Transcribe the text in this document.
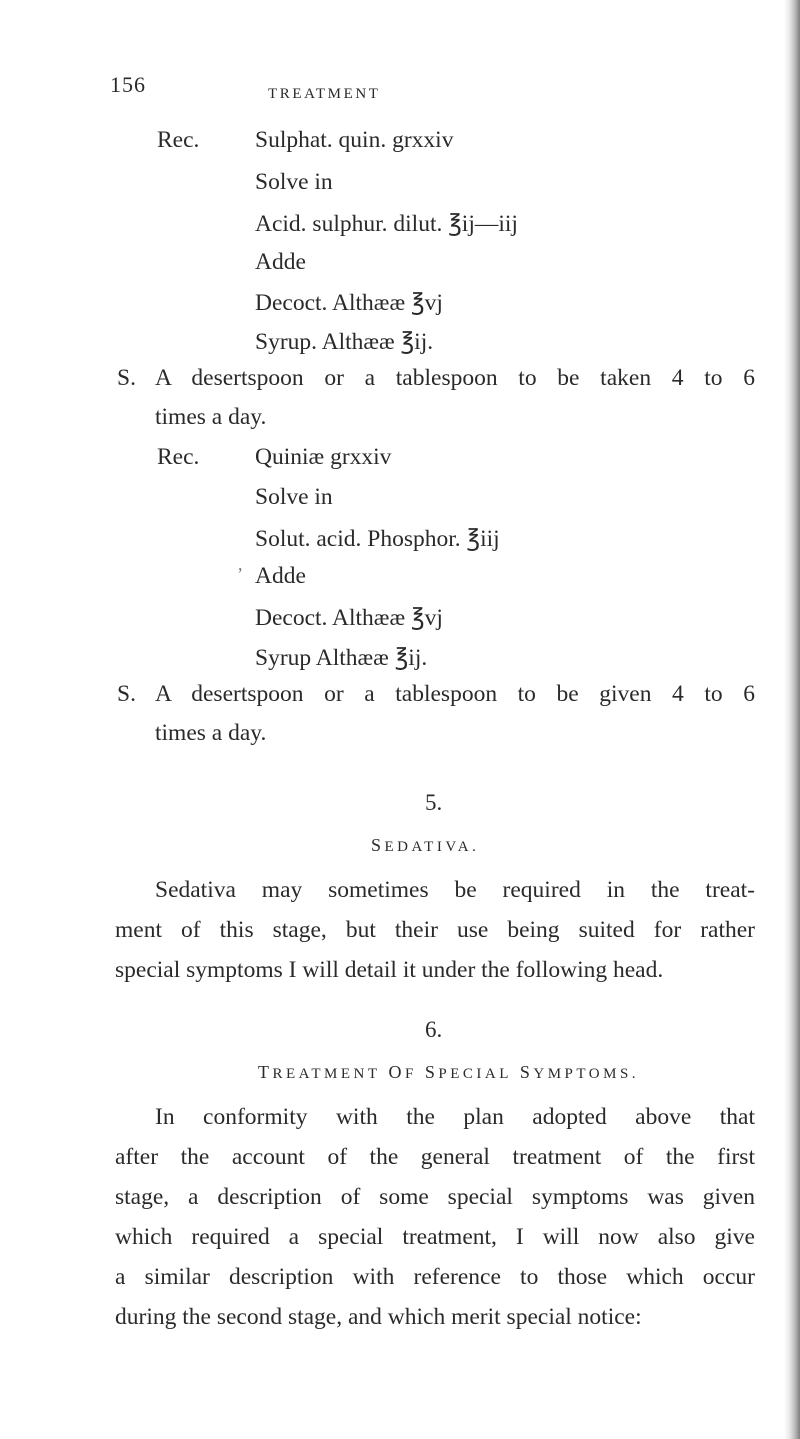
156	TREATMENT
Rec. Sulphat. quin. grxxiv
Solve in
Acid. sulphur. dilut. ℥ij—iij
Adde
Decoct. Althææ ℥vj
Syrup. Althææ ℥ij.
S. A desertspoon or a tablespoon to be taken 4 to 6
times a day.
Rec. Quiniæ grxxiv
Solve in
Solut. acid. Phosphor. ℥iij
, Adde
Decoct. Althææ ℥vj
Syrup Althææ ℥ij.
S. A desertspoon or a tablespoon to be given 4 to 6
times a day.
5.
SEDATIVA.
Sedativa may sometimes be required in the treat-
ment of this stage, but their use being suited for rather
special symptoms I will detail it under the following head.
6.
TREATMENT OF SPECIAL SYMPTOMS.
In conformity with the plan adopted above that
after the account of the general treatment of the first
stage, a description of some special symptoms was given
which required a special treatment, I will now also give
a similar description with reference to those which occur
during the second stage, and which merit special notice:
